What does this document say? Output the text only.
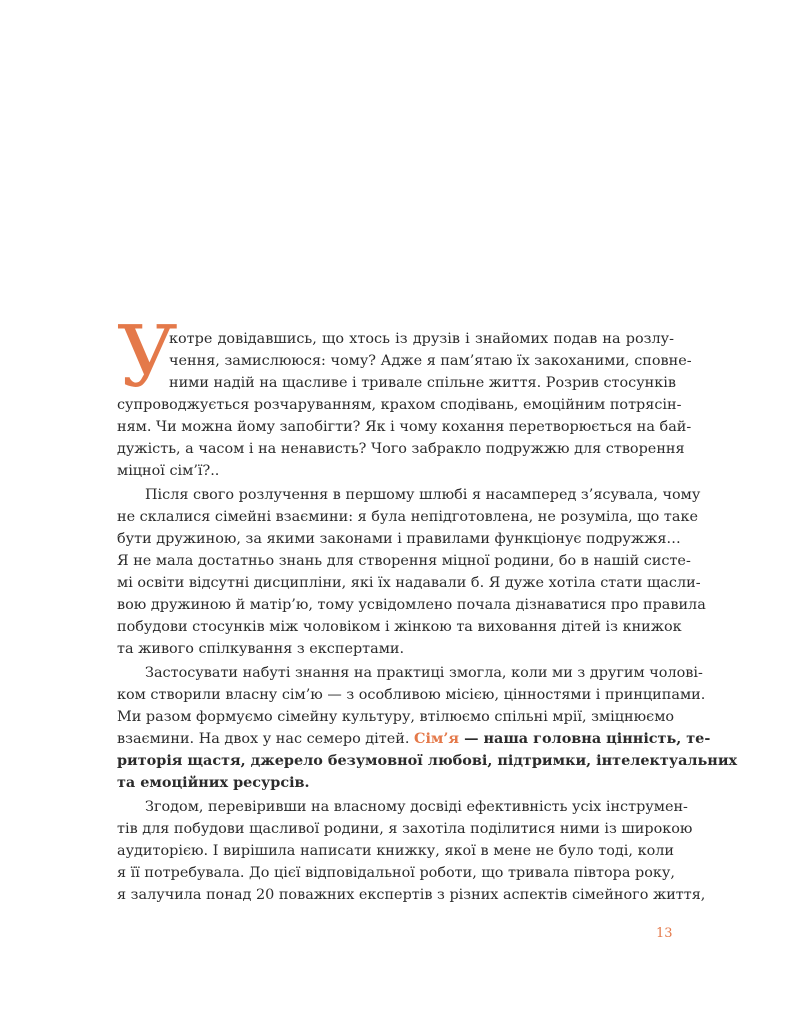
У
котре довідавшись, що хтось із друзів і знайомих подав на розлу-
чення, замислююся: чому? Адже я пам’ятаю їх закоханими, сповне-
ними надій на щасливе і тривале спільне життя. Розрив стосунків
супроводжується розчаруванням, крахом сподівань, емоційним потрясін-
ням. Чи можна йому запобігти? Як і чому кохання перетворюється на бай-
дужість, а часом і на ненависть? Чого забракло подружжю для створення
міцної сім’ї?..
Після свого розлучення в першому шлюбі я насамперед з’ясувала, чому
не склалися сімейні взаємини: я була непідготовлена, не розуміла, що таке
бути дружиною, за якими законами і правилами функціонує подружжя…
Я не мала достатньо знань для створення міцної родини, бо в нашій систе-
мі освіти відсутні дисципліни, які їх надавали б. Я дуже хотіла стати щасли-
вою дружиною й матір’ю, тому усвідомлено почала дізнаватися про правила
побудови стосунків між чоловіком і жінкою та виховання дітей із книжок
та живого спілкування з експертами.
Застосувати набуті знання на практиці змогла, коли ми з другим чолові-
ком створили власну сім’ю — з особливою місією, цінностями і принципами.
Ми разом формуємо сімейну культуру, втілюємо спільні мрії, зміцнюємо
взаємини. На двох у нас семеро дітей. Сім’я — наша головна цінність, те-
риторія щастя, джерело безумовної любові, підтримки, інтелектуальних
та емоційних ресурсів.
Згодом, перевіривши на власному досвіді ефективність усіх інструмен-
тів для побудови щасливої родини, я захотіла поділитися ними із широкою
аудиторією. І вирішила написати книжку, якої в мене не було тоді, коли
я її потребувала. До цієї відповідальної роботи, що тривала півтора року,
я залучила понад 20 поважних експертів з різних аспектів сімейного життя,
13
